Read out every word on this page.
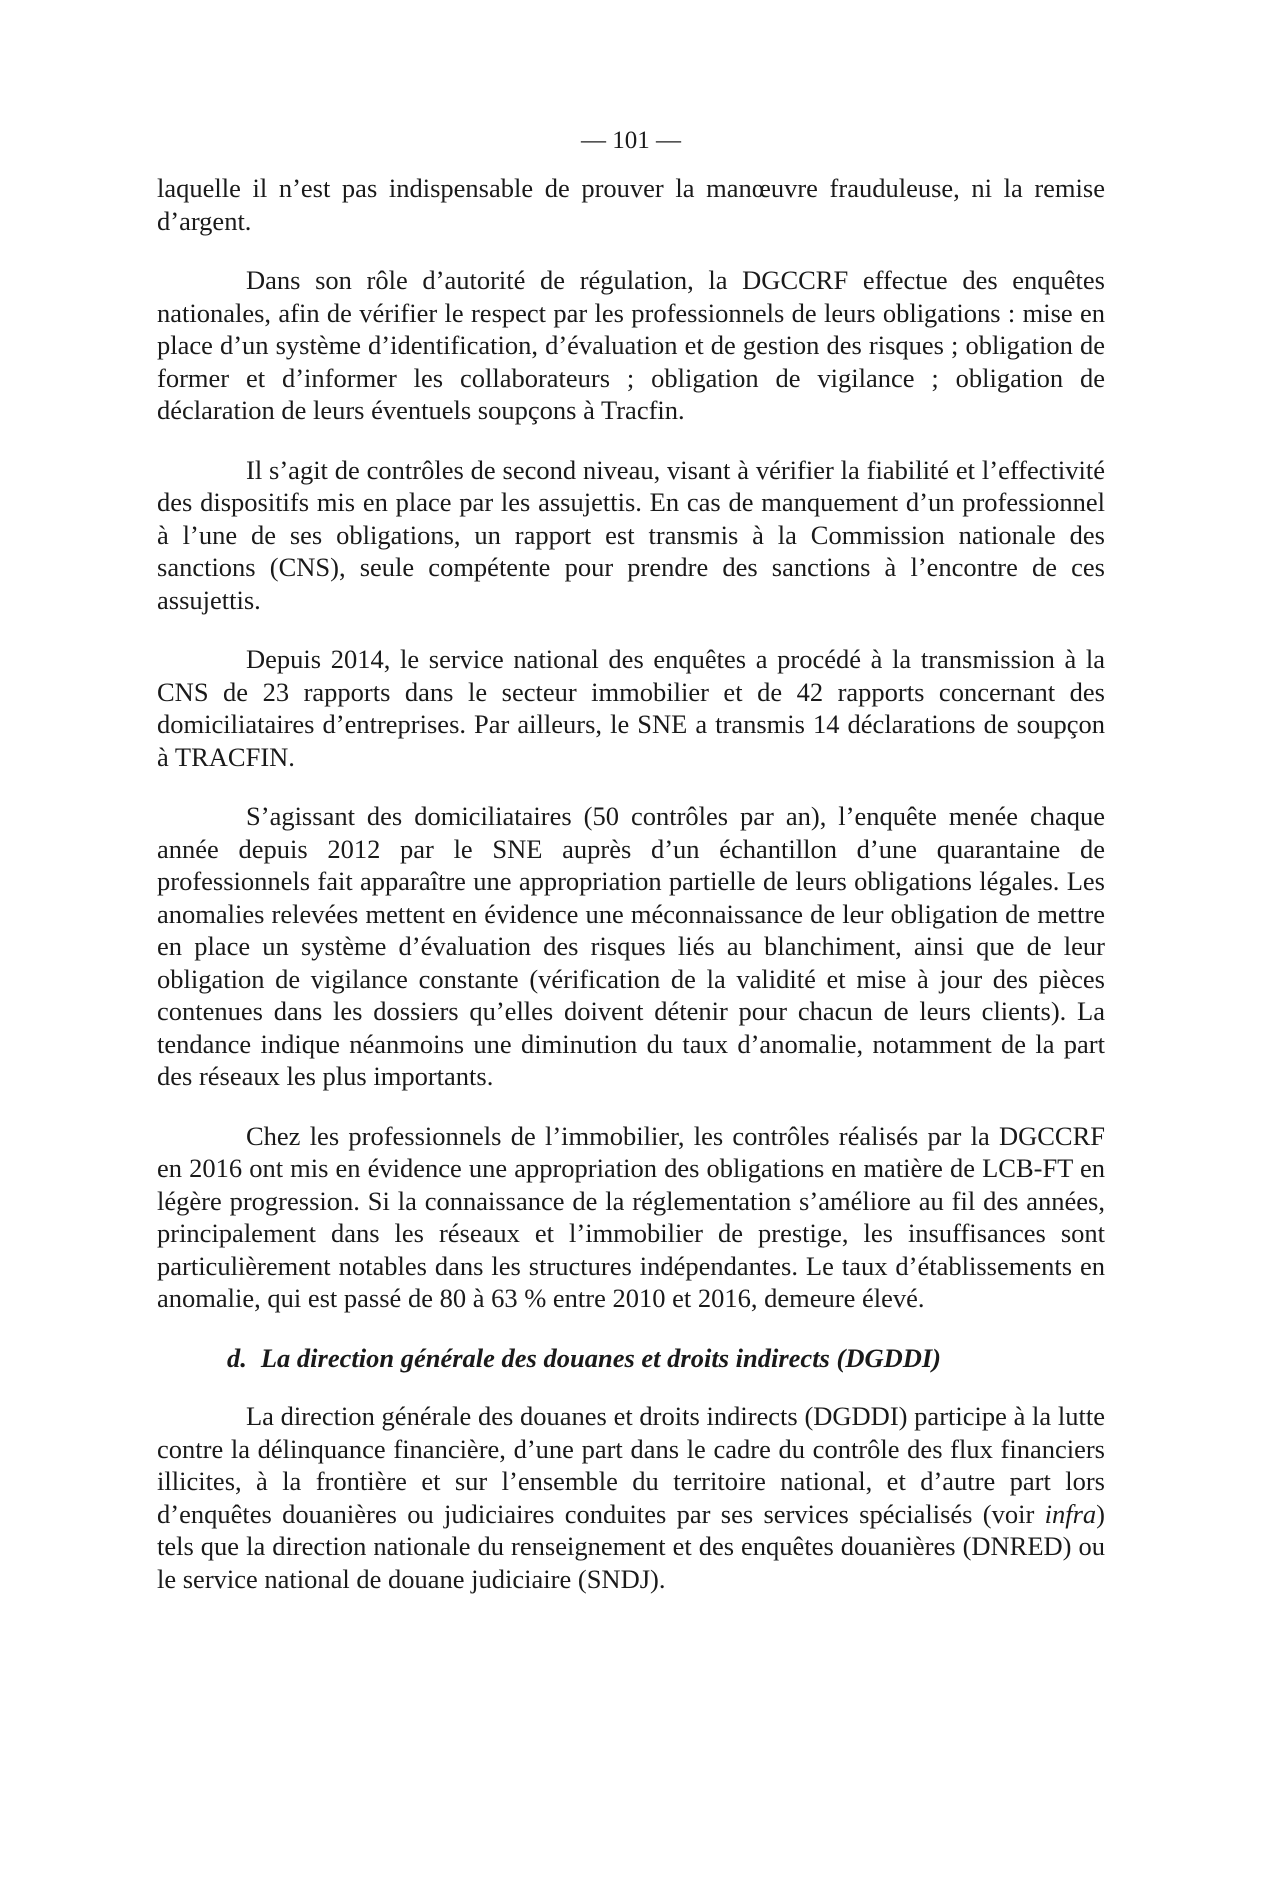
— 101 —

laquelle il n’est pas indispensable de prouver la manœuvre frauduleuse, ni la remise d’argent.

Dans son rôle d’autorité de régulation, la DGCCRF effectue des enquêtes nationales, afin de vérifier le respect par les professionnels de leurs obligations : mise en place d’un système d’identification, d’évaluation et de gestion des risques ; obligation de former et d’informer les collaborateurs ; obligation de vigilance ; obligation de déclaration de leurs éventuels soupçons à Tracfin.

Il s’agit de contrôles de second niveau, visant à vérifier la fiabilité et l’effectivité des dispositifs mis en place par les assujettis. En cas de manquement d’un professionnel à l’une de ses obligations, un rapport est transmis à la Commission nationale des sanctions (CNS), seule compétente pour prendre des sanctions à l’encontre de ces assujettis.

Depuis 2014, le service national des enquêtes a procédé à la transmission à la CNS de 23 rapports dans le secteur immobilier et de 42 rapports concernant des domiciliataires d’entreprises. Par ailleurs, le SNE a transmis 14 déclarations de soupçon à TRACFIN.

S’agissant des domiciliataires (50 contrôles par an), l’enquête menée chaque année depuis 2012 par le SNE auprès d’un échantillon d’une quarantaine de professionnels fait apparaître une appropriation partielle de leurs obligations légales. Les anomalies relevées mettent en évidence une méconnaissance de leur obligation de mettre en place un système d’évaluation des risques liés au blanchiment, ainsi que de leur obligation de vigilance constante (vérification de la validité et mise à jour des pièces contenues dans les dossiers qu’elles doivent détenir pour chacun de leurs clients). La tendance indique néanmoins une diminution du taux d’anomalie, notamment de la part des réseaux les plus importants.

Chez les professionnels de l’immobilier, les contrôles réalisés par la DGCCRF en 2016 ont mis en évidence une appropriation des obligations en matière de LCB-FT en légère progression. Si la connaissance de la réglementation s’améliore au fil des années, principalement dans les réseaux et l’immobilier de prestige, les insuffisances sont particulièrement notables dans les structures indépendantes. Le taux d’établissements en anomalie, qui est passé de 80 à 63 % entre 2010 et 2016, demeure élevé.

d. La direction générale des douanes et droits indirects (DGDDI)

La direction générale des douanes et droits indirects (DGDDI) participe à la lutte contre la délinquance financière, d’une part dans le cadre du contrôle des flux financiers illicites, à la frontière et sur l’ensemble du territoire national, et d’autre part lors d’enquêtes douanières ou judiciaires conduites par ses services spécialisés (voir infra) tels que la direction nationale du renseignement et des enquêtes douanières (DNRED) ou le service national de douane judiciaire (SNDJ).
